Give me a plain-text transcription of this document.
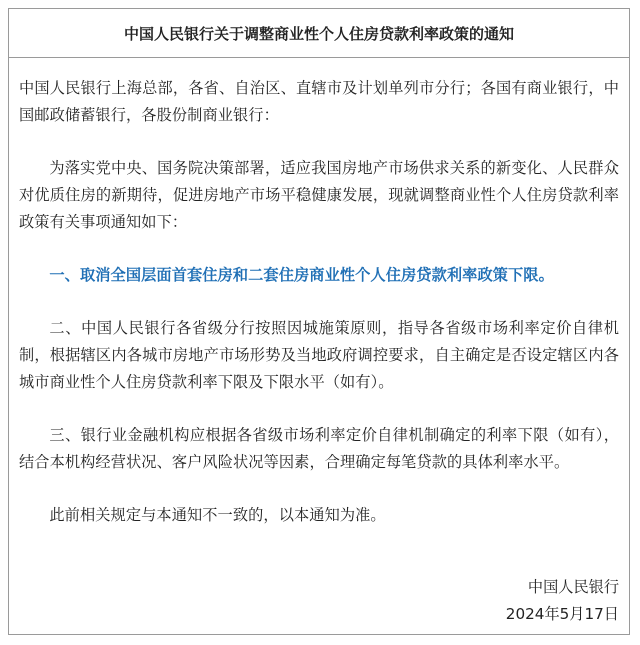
中国人民银行关于调整商业性个人住房贷款利率政策的通知

中国人民银行上海总部，各省、自治区、直辖市及计划单列市分行；各国有商业银行，中国邮政储蓄银行，各股份制商业银行：

为落实党中央、国务院决策部署，适应我国房地产市场供求关系的新变化、人民群众对优质住房的新期待，促进房地产市场平稳健康发展，现就调整商业性个人住房贷款利率政策有关事项通知如下：

一、取消全国层面首套住房和二套住房商业性个人住房贷款利率政策下限。

二、中国人民银行各省级分行按照因城施策原则，指导各省级市场利率定价自律机制，根据辖区内各城市房地产市场形势及当地政府调控要求，自主确定是否设定辖区内各城市商业性个人住房贷款利率下限及下限水平（如有）。

三、银行业金融机构应根据各省级市场利率定价自律机制确定的利率下限（如有），结合本机构经营状况、客户风险状况等因素，合理确定每笔贷款的具体利率水平。

此前相关规定与本通知不一致的，以本通知为准。

中国人民银行
2024年5月17日
